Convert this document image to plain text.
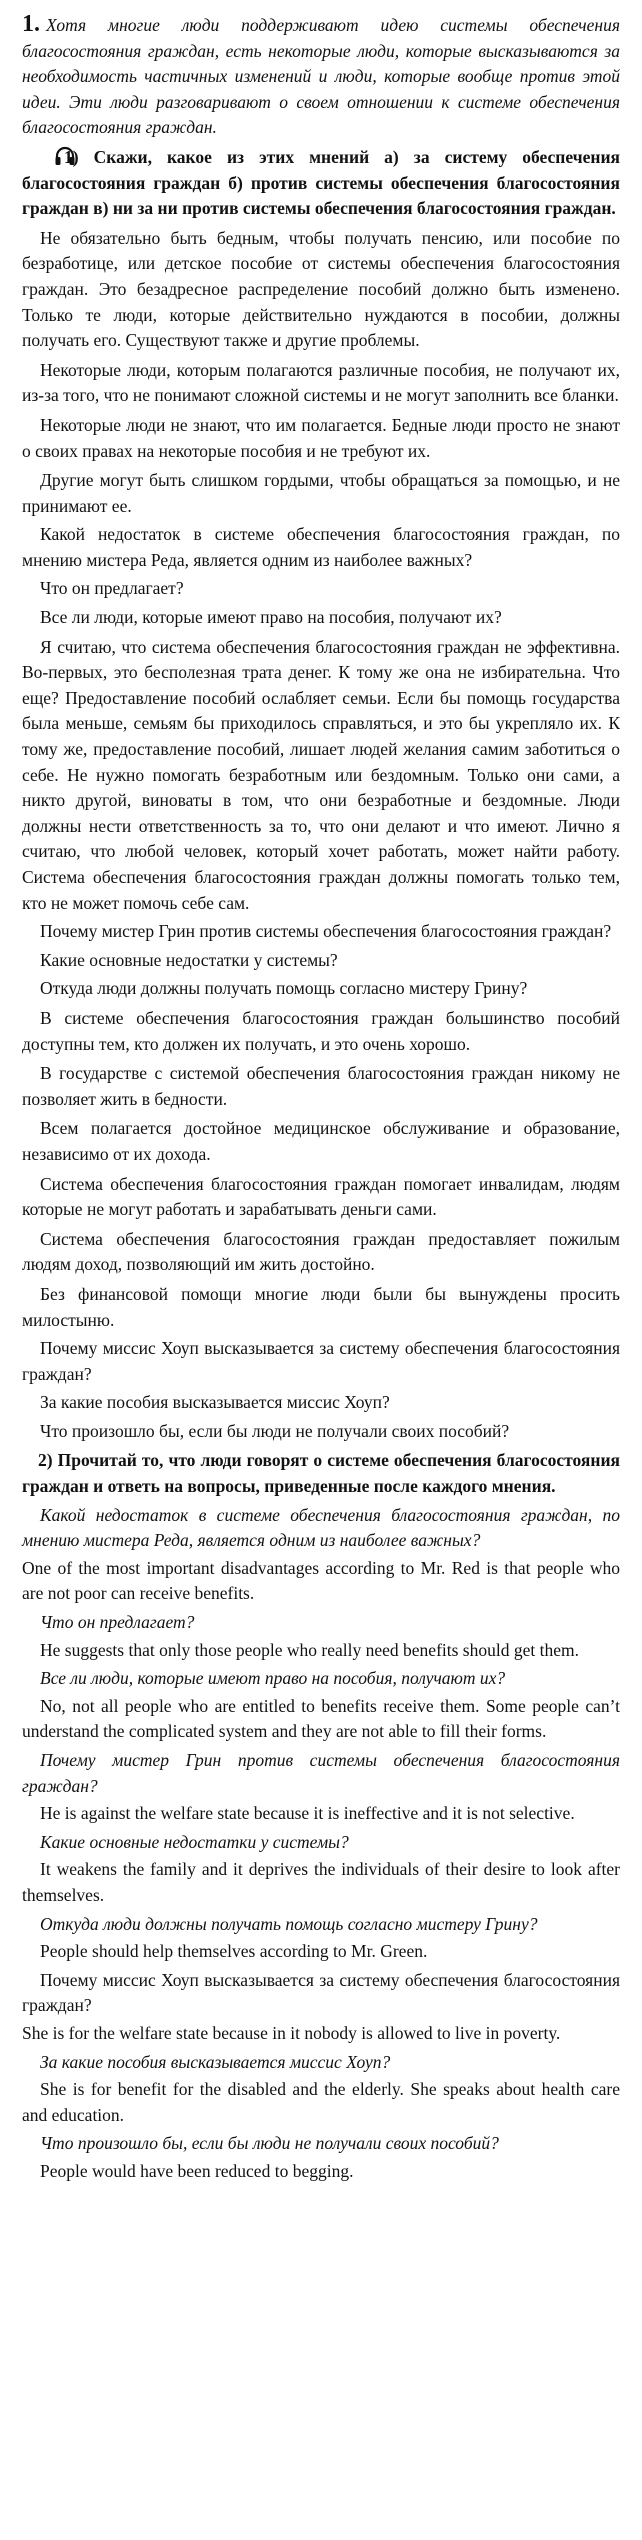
1. Хотя многие люди поддерживают идею системы обеспечения благосостояния граждан, есть некоторые люди, которые высказываются за необходимость частичных изменений и люди, которые вообще против этой идеи. Эти люди разговаривают о своем отношении к системе обеспечения благосостояния граждан.

1) Скажи, какое из этих мнений а) за систему обеспечения благосостояния граждан б) против системы обеспечения благосостояния граждан в) ни за ни против системы обеспечения благосостояния граждан.

Не обязательно быть бедным, чтобы получать пенсию, или пособие по безработице, или детское пособие от системы обеспечения благосостояния граждан. Это безадресное распределение пособий должно быть изменено. Только те люди, которые действительно нуждаются в пособии, должны получать его. Существуют также и другие проблемы.

Некоторые люди, которым полагаются различные пособия, не получают их, из-за того, что не понимают сложной системы и не могут заполнить все бланки.

Некоторые люди не знают, что им полагается. Бедные люди просто не знают о своих правах на некоторые пособия и не требуют их.

Другие могут быть слишком гордыми, чтобы обращаться за помощью, и не принимают ее.

Какой недостаток в системе обеспечения благосостояния граждан, по мнению мистера Реда, является одним из наиболее важных?

Что он предлагает?

Все ли люди, которые имеют право на пособия, получают их?

Я считаю, что система обеспечения благосостояния граждан не эффективна. Во-первых, это бесполезная трата денег. К тому же она не избирательна. Что еще? Предоставление пособий ослабляет семьи. Если бы помощь государства была меньше, семьям бы приходилось справляться, и это бы укрепляло их. К тому же, предоставление пособий, лишает людей желания самим заботиться о себе. Не нужно помогать безработным или бездомным. Только они сами, а никто другой, виноваты в том, что они безработные и бездомные. Люди должны нести ответственность за то, что они делают и что имеют. Лично я считаю, что любой человек, который хочет работать, может найти работу. Система обеспечения благосостояния граждан должны помогать только тем, кто не может помочь себе сам.

Почему мистер Грин против системы обеспечения благосостояния граждан?

Какие основные недостатки у системы?

Откуда люди должны получать помощь согласно мистеру Грину?

В системе обеспечения благосостояния граждан большинство пособий доступны тем, кто должен их получать, и это очень хорошо.

В государстве с системой обеспечения благосостояния граждан никому не позволяет жить в бедности.

Всем полагается достойное медицинское обслуживание и образование, независимо от их дохода.

Система обеспечения благосостояния граждан помогает инвалидам, людям которые не могут работать и зарабатывать деньги сами.

Система обеспечения благосостояния граждан предоставляет пожилым людям доход, позволяющий им жить достойно.

Без финансовой помощи многие люди были бы вынуждены просить милостыню.

Почему миссис Хоуп высказывается за систему обеспечения благосостояния граждан?

За какие пособия высказывается миссис Хоуп?

Что произошло бы, если бы люди не получали своих пособий?

2) Прочитай то, что люди говорят о системе обеспечения благосостояния граждан и ответь на вопросы, приведенные после каждого мнения.

Какой недостаток в системе обеспечения благосостояния граждан, по мнению мистера Реда, является одним из наиболее важных?

One of the most important disadvantages according to Mr. Red is that people who are not poor can receive benefits.

Что он предлагает?

He suggests that only those people who really need benefits should get them.

Все ли люди, которые имеют право на пособия, получают их?

No, not all people who are entitled to benefits receive them. Some people can’t understand the complicated system and they are not able to fill their forms.

Почему мистер Грин против системы обеспечения благосостояния граждан?

He is against the welfare state because it is ineffective and it is not selective.

Какие основные недостатки у системы?

It weakens the family and it deprives the individuals of their desire to look after themselves.

Откуда люди должны получать помощь согласно мистеру Грину?

People should help themselves according to Mr. Green.

Почему миссис Хоуп высказывается за систему обеспечения благосостояния граждан?

She is for the welfare state because in it nobody is allowed to live in poverty.

За какие пособия высказывается миссис Хоуп?

She is for benefit for the disabled and the elderly. She speaks about health care and education.

Что произошло бы, если бы люди не получали своих пособий?

People would have been reduced to begging.
